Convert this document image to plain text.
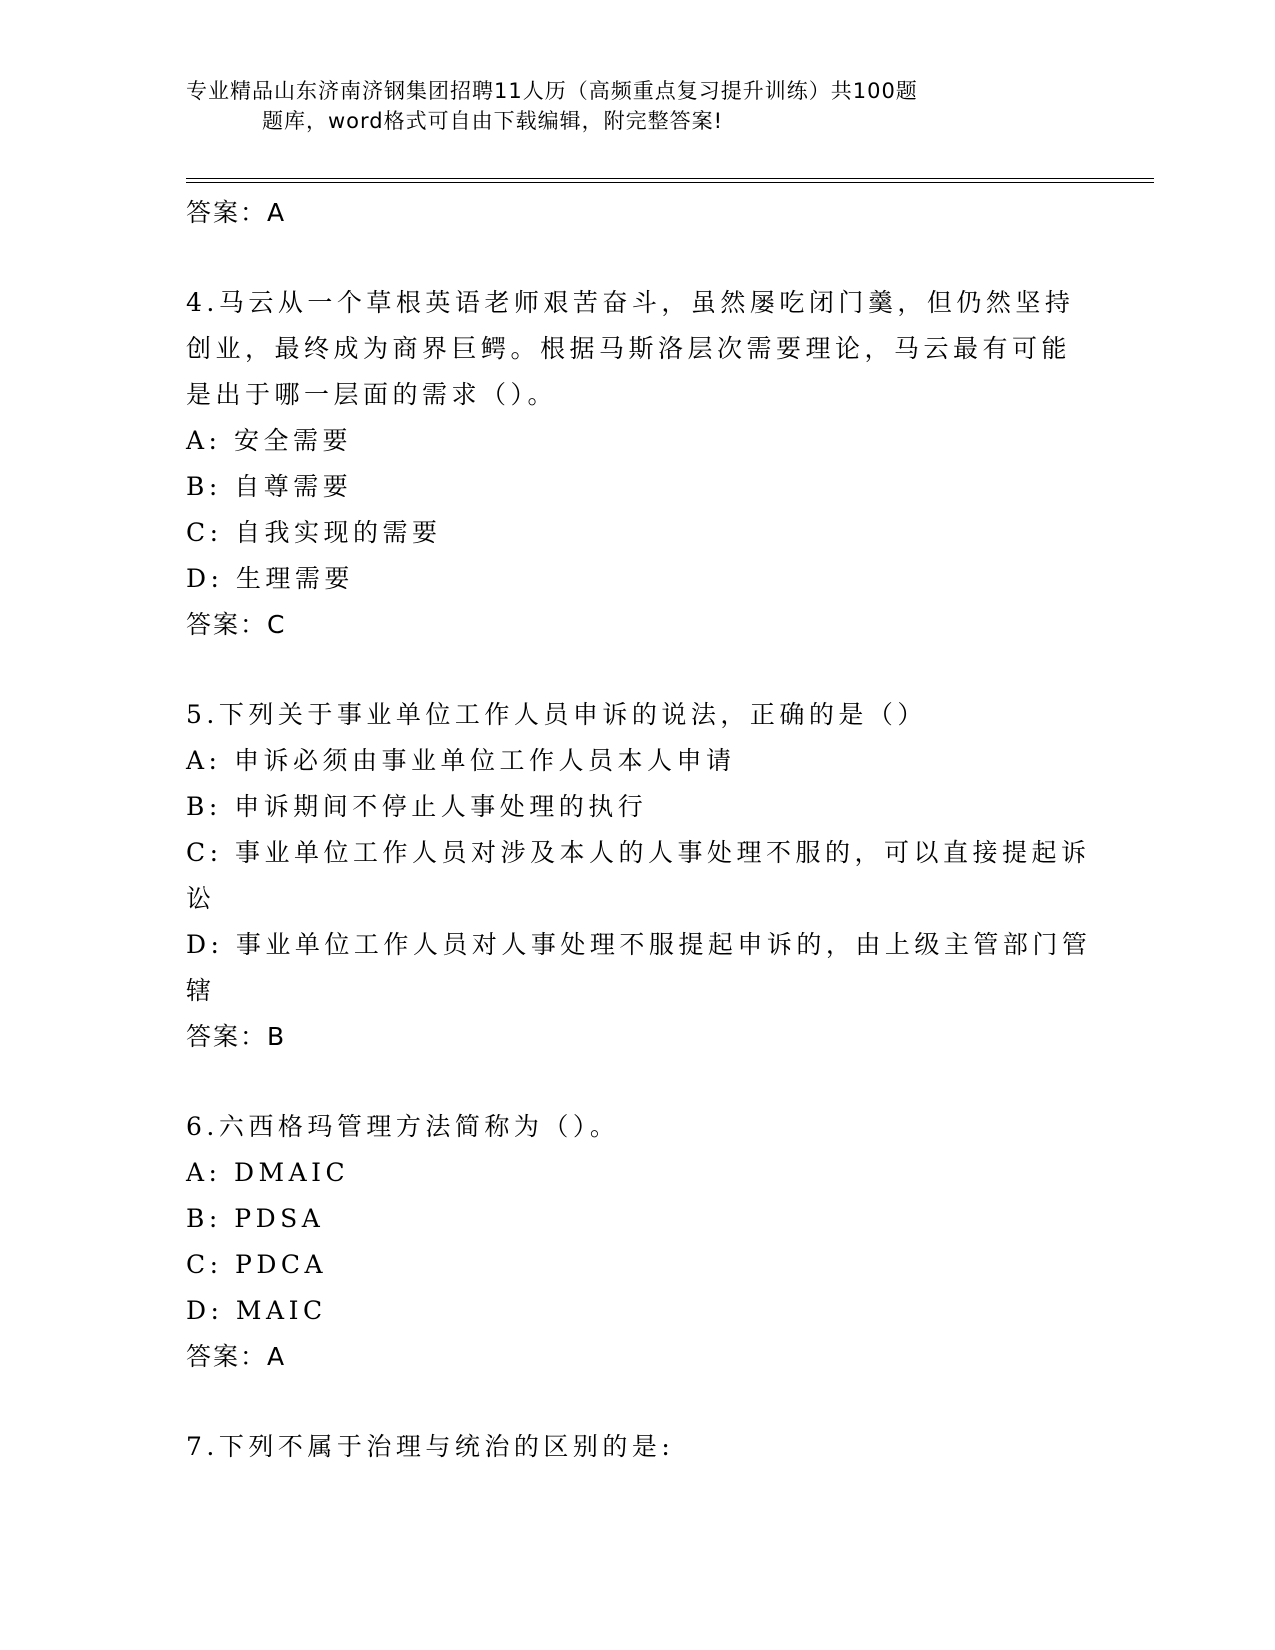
专业精品山东济南济钢集团招聘11人历（高频重点复习提升训练）共100题
题库，word格式可自由下载编辑，附完整答案!
答案：A
4.马云从一个草根英语老师艰苦奋斗，虽然屡吃闭门羹，但仍然坚持
创业，最终成为商界巨鳄。根据马斯洛层次需要理论，马云最有可能
是出于哪一层面的需求（）。
A: 安全需要
B: 自尊需要
C: 自我实现的需要
D: 生理需要
答案：C
5.下列关于事业单位工作人员申诉的说法，正确的是（）
A: 申诉必须由事业单位工作人员本人申请
B: 申诉期间不停止人事处理的执行
C: 事业单位工作人员对涉及本人的人事处理不服的，可以直接提起诉
讼
D: 事业单位工作人员对人事处理不服提起申诉的，由上级主管部门管
辖
答案：B
6.六西格玛管理方法简称为（）。
A: DMAIC
B: PDSA
C: PDCA
D: MAIC
答案：A
7.下列不属于治理与统治的区别的是:
